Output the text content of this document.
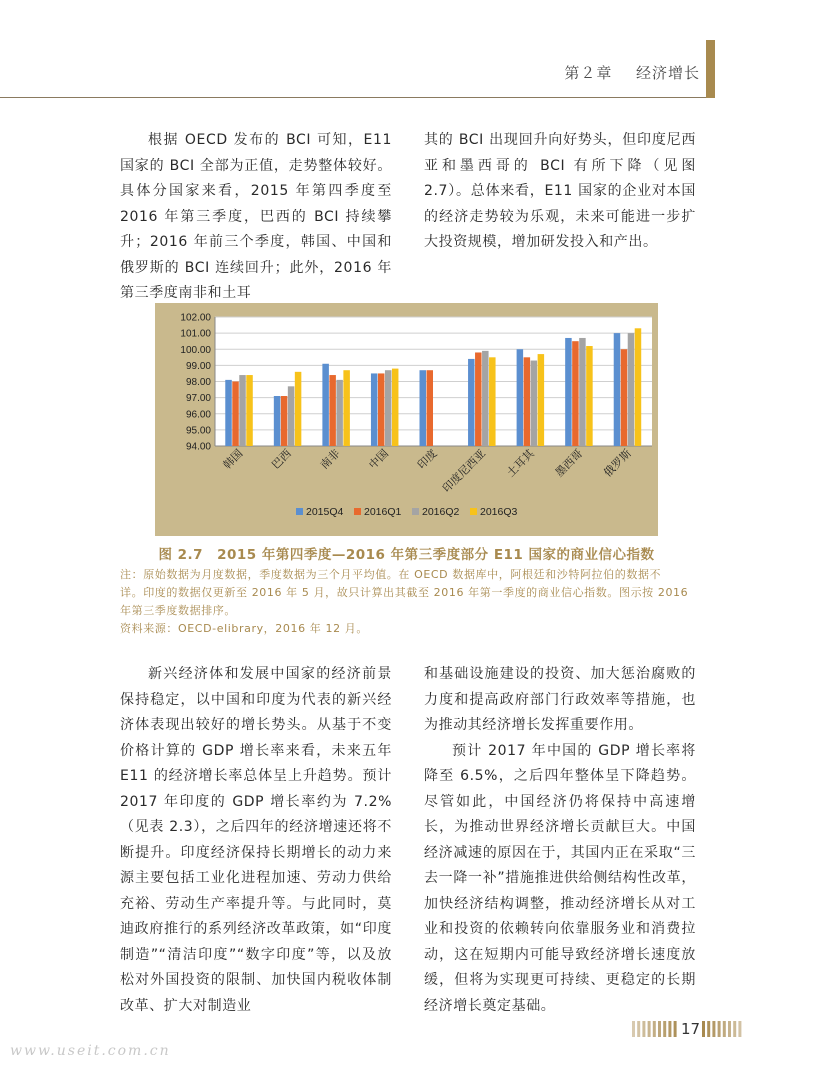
第２章 经济增长

根据 OECD 发布的 BCI 可知，E11 国家的 BCI 全部为正值，走势整体较好。具体分国家来看，2015 年第四季度至 2016 年第三季度，巴西的 BCI 持续攀升；2016 年前三个季度，韩国、中国和俄罗斯的 BCI 连续回升；此外，2016 年第三季度南非和土耳

其的 BCI 出现回升向好势头，但印度尼西亚和墨西哥的 BCI 有所下降（见图 2.7）。总体来看，E11 国家的企业对本国的经济走势较为乐观，未来可能进一步扩大投资规模，增加研发投入和产出。

94.00
95.00
96.00
97.00
98.00
99.00
100.00
101.00
102.00
韩国 巴西 南非 中国 印度 印度尼西亚 土耳其 墨西哥 俄罗斯
2015Q4 2016Q1 2016Q2 2016Q3
图 2.7　2015 年第四季度—2016 年第三季度部分 E11 国家的商业信心指数
注：原始数据为月度数据，季度数据为三个月平均值。在 OECD 数据库中，阿根廷和沙特阿拉伯的数据不
详。印度的数据仅更新至 2016 年 5 月，故只计算出其截至 2016 年第一季度的商业信心指数。图示按 2016
年第三季度数据排序。
资料来源：OECD-elibrary，2016 年 12 月。

新兴经济体和发展中国家的经济前景保持稳定，以中国和印度为代表的新兴经济体表现出较好的增长势头。从基于不变价格计算的 GDP 增长率来看，未来五年 E11 的经济增长率总体呈上升趋势。预计 2017 年印度的 GDP 增长率约为 7.2%（见表 2.3），之后四年的经济增速还将不断提升。印度经济保持长期增长的动力来源主要包括工业化进程加速、劳动力供给充裕、劳动生产率提升等。与此同时，莫迪政府推行的系列经济改革政策，如“印度制造”“清洁印度”“数字印度”等，以及放松对外国投资的限制、加快国内税收体制改革、扩大对制造业

和基础设施建设的投资、加大惩治腐败的力度和提高政府部门行政效率等措施，也为推动其经济增长发挥重要作用。

预计 2017 年中国的 GDP 增长率将降至 6.5%，之后四年整体呈下降趋势。尽管如此，中国经济仍将保持中高速增长，为推动世界经济增长贡献巨大。中国经济减速的原因在于，其国内正在采取“三去一降一补”措施推进供给侧结构性改革，加快经济结构调整，推动经济增长从对工业和投资的依赖转向依靠服务业和消费拉动，这在短期内可能导致经济增长速度放缓，但将为实现更可持续、更稳定的长期经济增长奠定基础。

17
www.useit.com.cn
